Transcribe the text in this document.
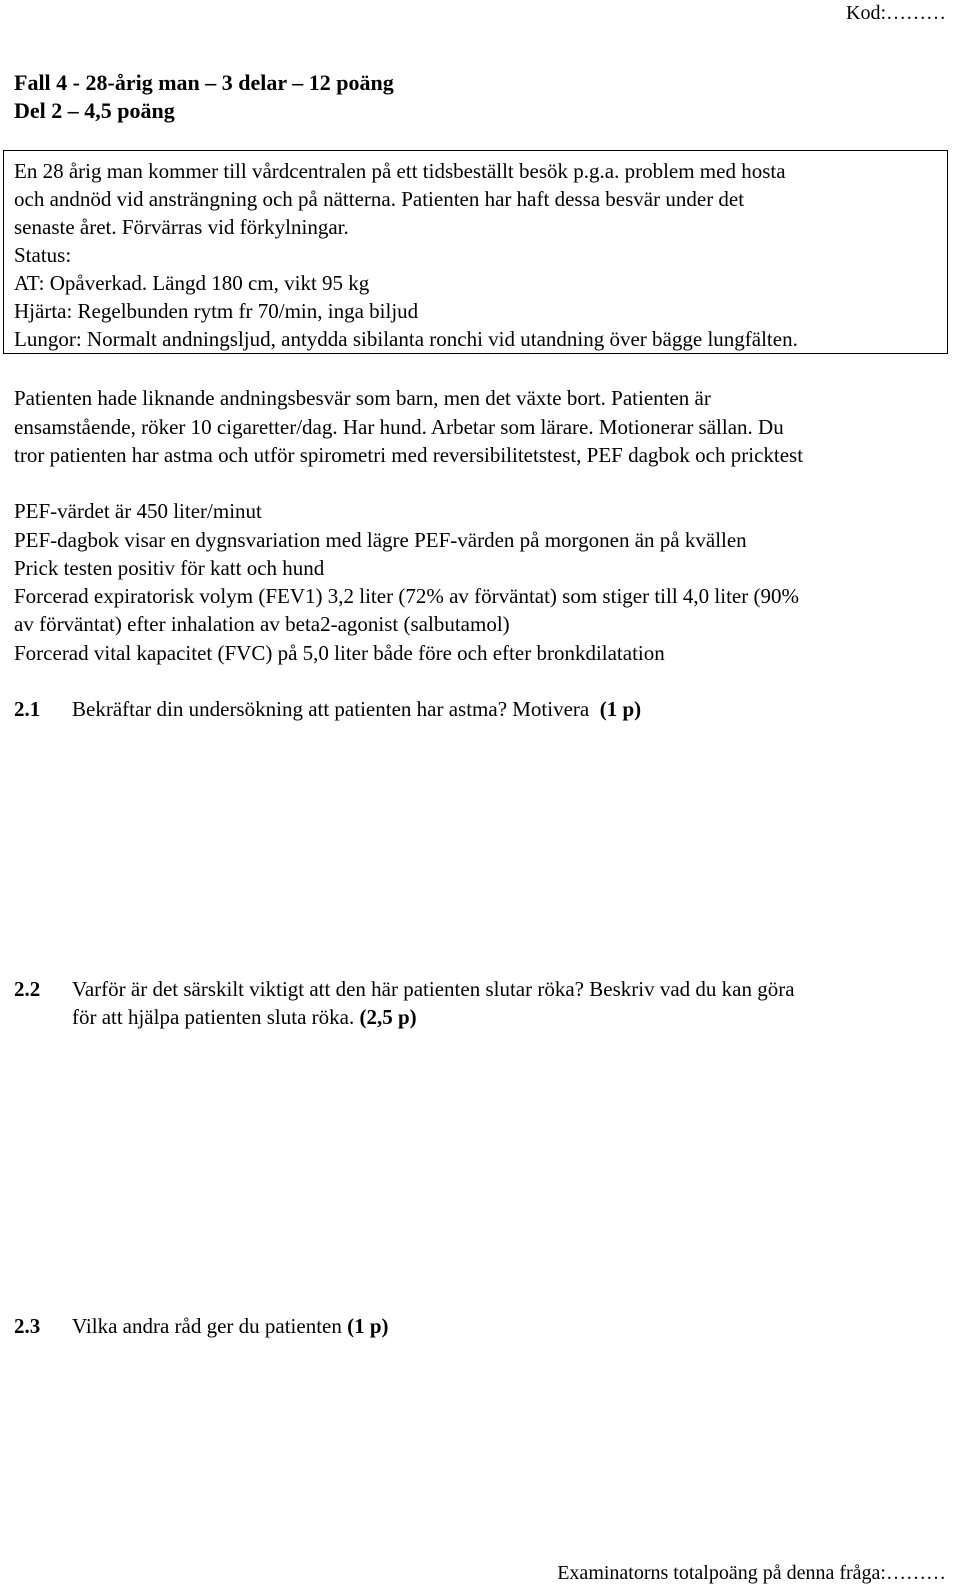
Kod:………
Fall 4 - 28-årig man – 3 delar – 12 poäng
Del 2 – 4,5 poäng
En 28 årig man kommer till vårdcentralen på ett tidsbeställt besök p.g.a. problem med hosta
och andnöd vid ansträngning och på nätterna. Patienten har haft dessa besvär under det
senaste året. Förvärras vid förkylningar.
Status:
AT: Opåverkad. Längd 180 cm, vikt 95 kg
Hjärta: Regelbunden rytm fr 70/min, inga biljud
Lungor: Normalt andningsljud, antydda sibilanta ronchi vid utandning över bägge lungfälten.
Patienten hade liknande andningsbesvär som barn, men det växte bort. Patienten är
ensamstående, röker 10 cigaretter/dag. Har hund. Arbetar som lärare. Motionerar sällan. Du
tror patienten har astma och utför spirometri med reversibilitetstest, PEF dagbok och pricktest
PEF-värdet är 450 liter/minut
PEF-dagbok visar en dygnsvariation med lägre PEF-värden på morgonen än på kvällen
Prick testen positiv för katt och hund
Forcerad expiratorisk volym (FEV1) 3,2 liter (72% av förväntat) som stiger till 4,0 liter (90%
av förväntat) efter inhalation av beta2-agonist (salbutamol)
Forcerad vital kapacitet (FVC) på 5,0 liter både före och efter bronkdilatation
2.1 Bekräftar din undersökning att patienten har astma? Motivera (1 p)
2.2 Varför är det särskilt viktigt att den här patienten slutar röka? Beskriv vad du kan göra
för att hjälpa patienten sluta röka. (2,5 p)
2.3 Vilka andra råd ger du patienten (1 p)
Examinatorns totalpoäng på denna fråga:………
